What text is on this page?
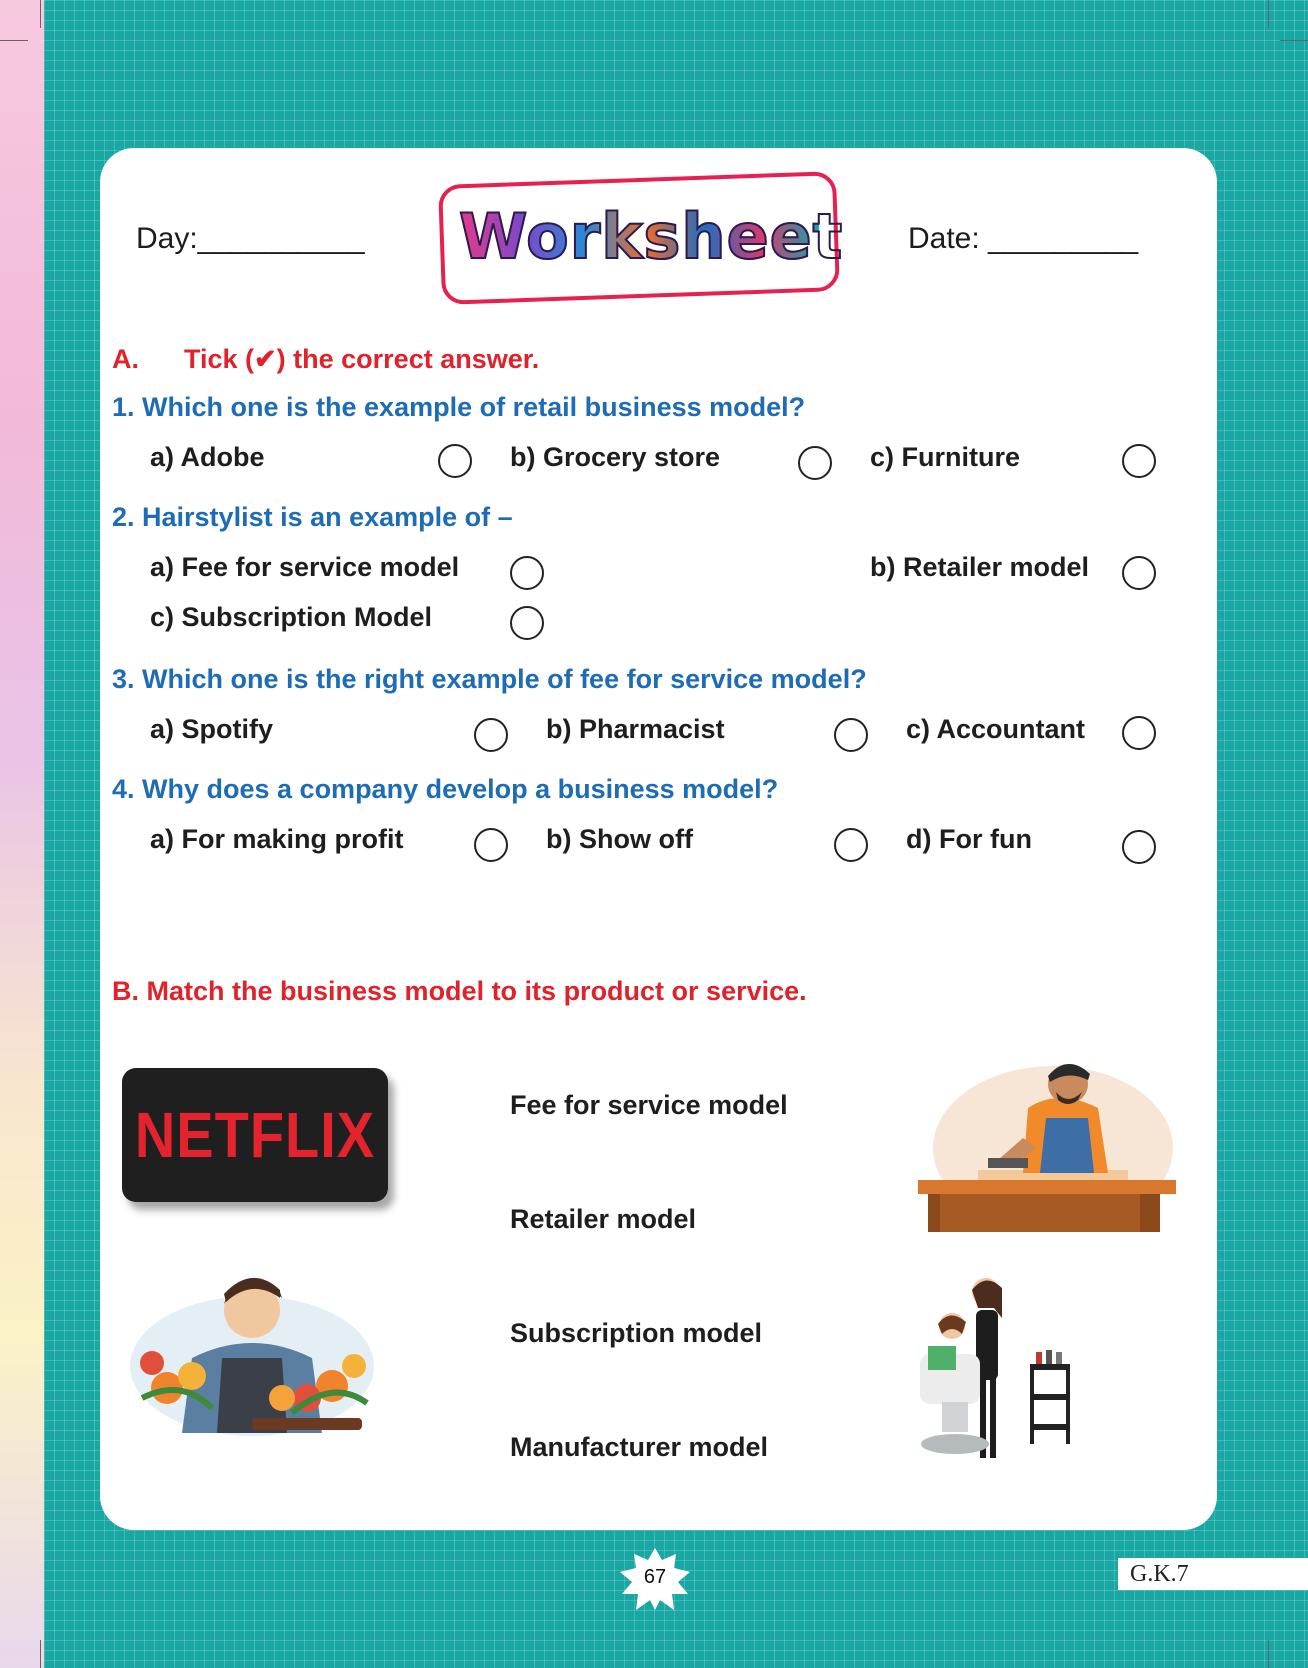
Day:__________ Worksheet Date: _________
A. Tick (✔) the correct answer.
1. Which one is the example of retail business model?
a) Adobe	b) Grocery store	c) Furniture
2. Hairstylist is an example of –
a) Fee for service model	b) Retailer model
c) Subscription Model
3. Which one is the right example of fee for service model?
a) Spotify	b) Pharmacist	c) Accountant
4. Why does a company develop a business model?
a) For making profit	b) Show off	d) For fun
B. Match the business model to its product or service.
NETFLIX	Fee for service model
Retailer model
Subscription model
Manufacturer model
67	G.K.7
